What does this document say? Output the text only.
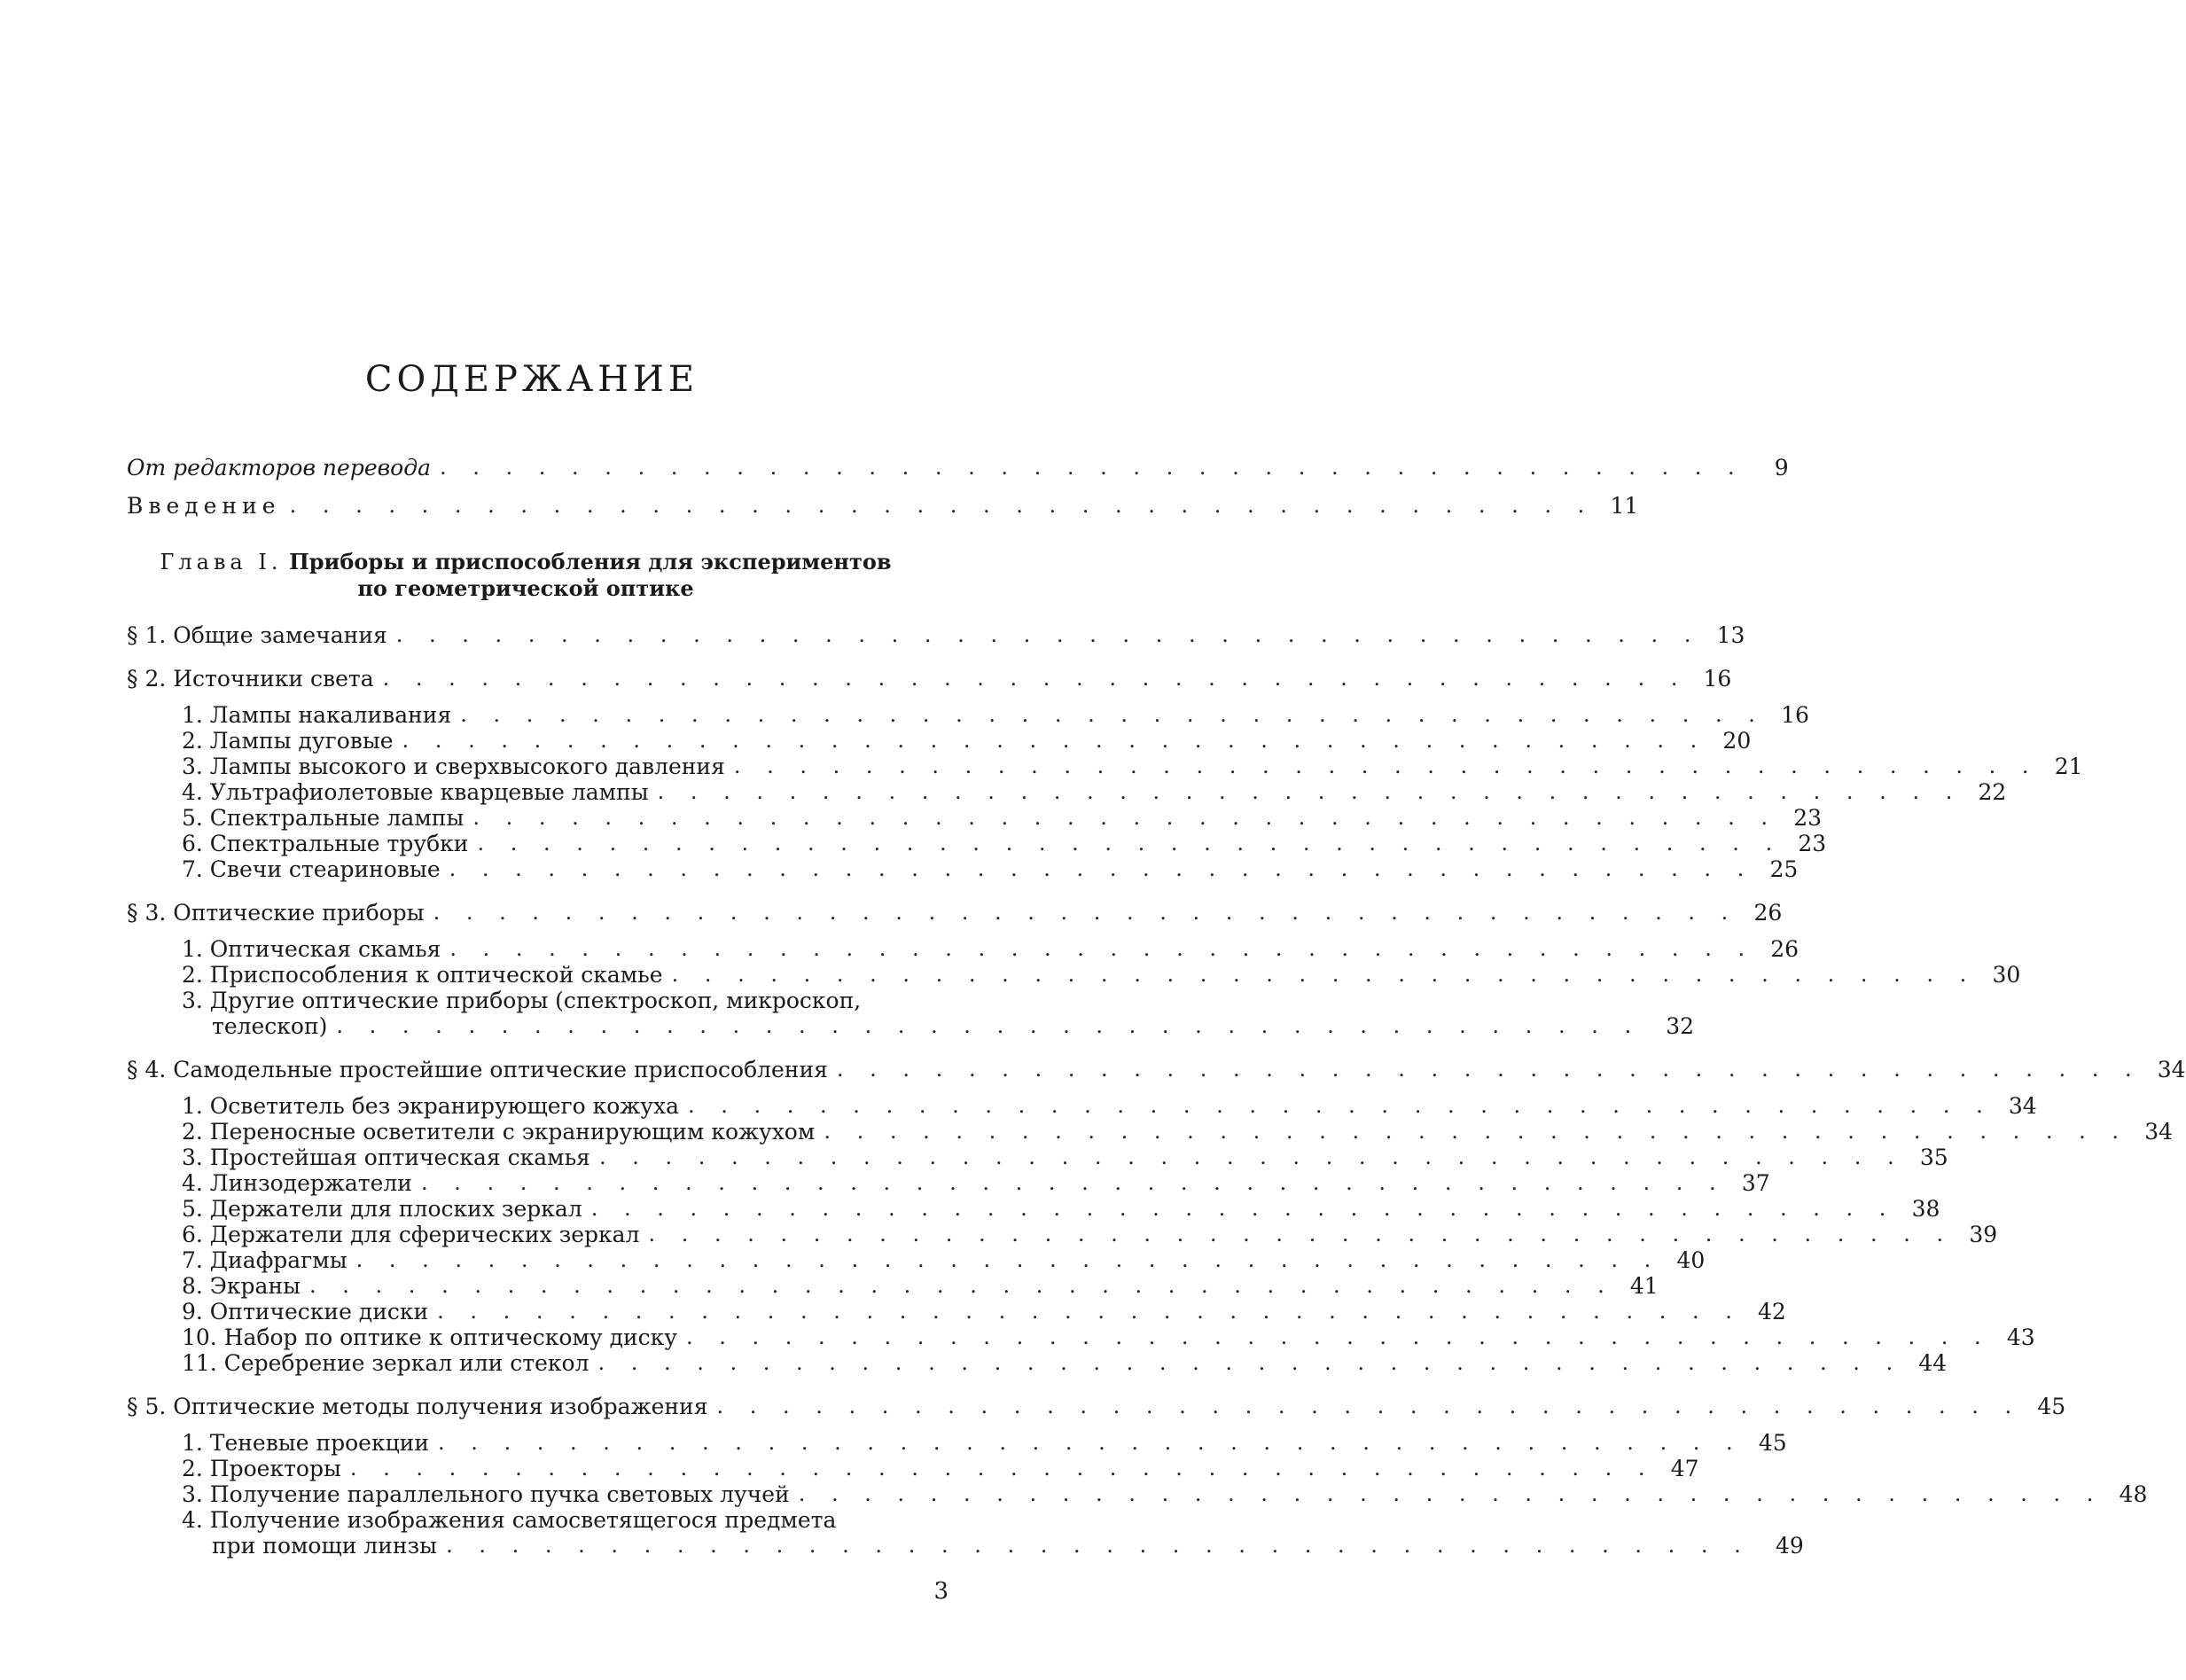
СОДЕРЖАНИЕ
От редакторов перевода . . . . . . . . . . . . . . . . . . . . . . . . . . . . . . . . . . . . . . . .	9
Введение . . . . . . . . . . . . . . . . . . . . . . . . . . . . . . . . . . . . . . . . 11
Глава I. Приборы и приспособления для экспериментов
по геометрической оптике
§ 1. Общие замечания . . . . . . . . . . . . . . . . . . . . . . . . . . . . . . . . . . . . . . . . 13
§ 2. Источники света . . . . . . . . . . . . . . . . . . . . . . . . . . . . . . . . . . . . . . . . 16
1. Лампы накаливания . . . . . . . . . . . . . . . . . . . . . . . . . . . . . . . . . . . . . . . . 16
2. Лампы дуговые . . . . . . . . . . . . . . . . . . . . . . . . . . . . . . . . . . . . . . . . 20
3. Лампы высокого и сверхвысокого давления . . . . . . . . . . . . . . . . . . . . . . . . . . . . . . . . . . . . . . . . 21
4. Ультрафиолетовые кварцевые лампы . . . . . . . . . . . . . . . . . . . . . . . . . . . . . . . . . . . . . . . . 22
5. Спектральные лампы . . . . . . . . . . . . . . . . . . . . . . . . . . . . . . . . . . . . . . . . 23
6. Спектральные трубки . . . . . . . . . . . . . . . . . . . . . . . . . . . . . . . . . . . . . . . . 23
7. Свечи стеариновые . . . . . . . . . . . . . . . . . . . . . . . . . . . . . . . . . . . . . . . . 25
§ 3. Оптические приборы . . . . . . . . . . . . . . . . . . . . . . . . . . . . . . . . . . . . . . . . 26
1. Оптическая скамья . . . . . . . . . . . . . . . . . . . . . . . . . . . . . . . . . . . . . . . . 26
2. Приспособления к оптической скамье . . . . . . . . . . . . . . . . . . . . . . . . . . . . . . . . . . . . . . . . 30
3. Другие оптические приборы (спектроскоп, микроскоп,
телескоп) . . . . . . . . . . . . . . . . . . . . . . . . . . . . . . . . . . . . . . . .	32
§ 4. Самодельные простейшие оптические приспособления . . . . . . . . . . . . . . . . . . . . . . . . . . . . . . . . . . . . . . . . 34
1. Осветитель без экранирующего кожуха . . . . . . . . . . . . . . . . . . . . . . . . . . . . . . . . . . . . . . . . 34
2. Переносные осветители с экранирующим кожухом . . . . . . . . . . . . . . . . . . . . . . . . . . . . . . . . . . . . . . . . 34
3. Простейшая оптическая скамья . . . . . . . . . . . . . . . . . . . . . . . . . . . . . . . . . . . . . . . . 35
4. Линзодержатели . . . . . . . . . . . . . . . . . . . . . . . . . . . . . . . . . . . . . . . . 37
5. Держатели для плоских зеркал . . . . . . . . . . . . . . . . . . . . . . . . . . . . . . . . . . . . . . . . 38
6. Держатели для сферических зеркал . . . . . . . . . . . . . . . . . . . . . . . . . . . . . . . . . . . . . . . . 39
7. Диафрагмы . . . . . . . . . . . . . . . . . . . . . . . . . . . . . . . . . . . . . . . . 40
8. Экраны . . . . . . . . . . . . . . . . . . . . . . . . . . . . . . . . . . . . . . . . 41
9. Оптические диски . . . . . . . . . . . . . . . . . . . . . . . . . . . . . . . . . . . . . . . . 42
10. Набор по оптике к оптическому диску . . . . . . . . . . . . . . . . . . . . . . . . . . . . . . . . . . . . . . . . 43
11. Серебрение зеркал или стекол . . . . . . . . . . . . . . . . . . . . . . . . . . . . . . . . . . . . . . . . 44
§ 5. Оптические методы получения изображения . . . . . . . . . . . . . . . . . . . . . . . . . . . . . . . . . . . . . . . . 45
1. Теневые проекции . . . . . . . . . . . . . . . . . . . . . . . . . . . . . . . . . . . . . . . . 45
2. Проекторы . . . . . . . . . . . . . . . . . . . . . . . . . . . . . . . . . . . . . . . . 47
3. Получение параллельного пучка световых лучей . . . . . . . . . . . . . . . . . . . . . . . . . . . . . . . . . . . . . . . . 48
4. Получение изображения самосветящегося предмета
при помощи линзы . . . . . . . . . . . . . . . . . . . . . . . . . . . . . . . . . . . . . . . .	49
3
